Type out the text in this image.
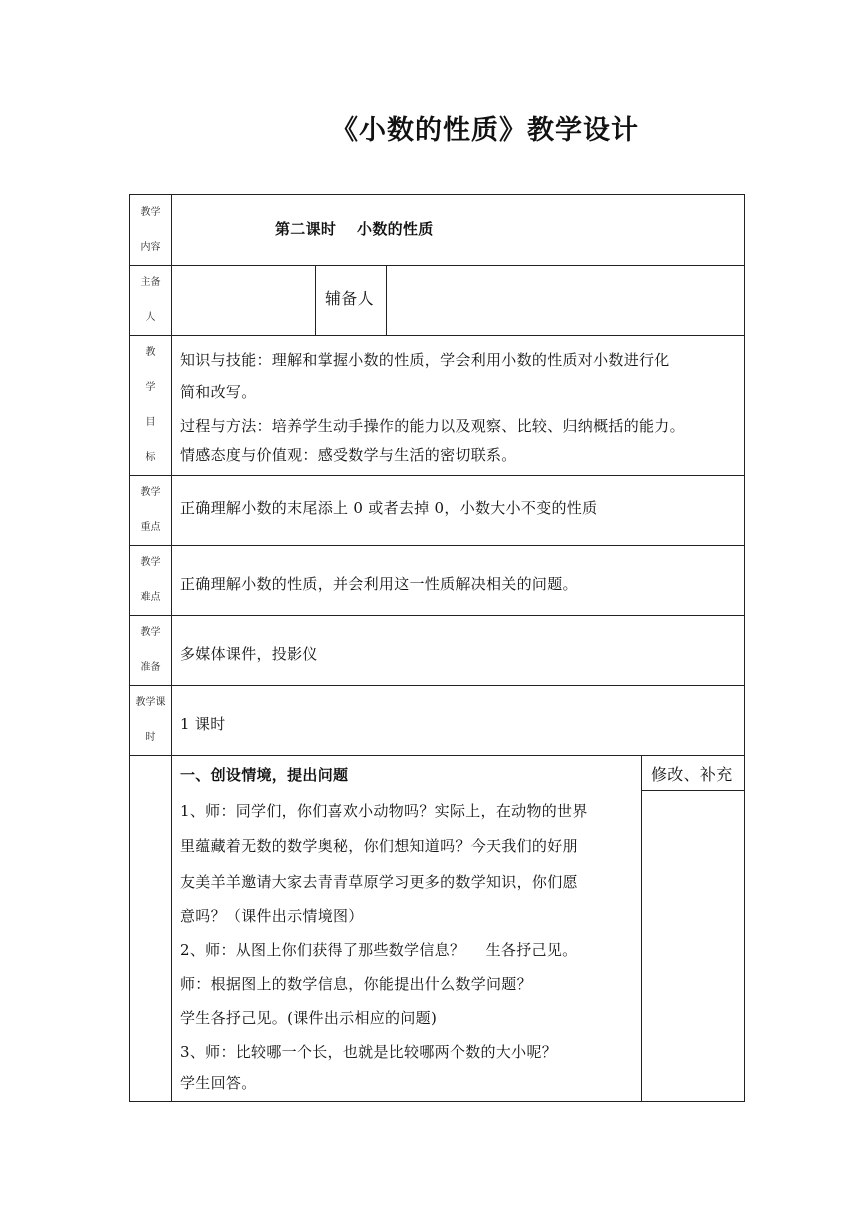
《小数的性质》教学设计
教学
内容
第二课时　 小数的性质
主备
人
辅备人
教
学
目
标
知识与技能：理解和掌握小数的性质，学会利用小数的性质对小数进行化
简和改写。
过程与方法：培养学生动手操作的能力以及观察、比较、归纳概括的能力。
情感态度与价值观：感受数学与生活的密切联系。
教学
重点
正确理解小数的末尾添上 0 或者去掉 0，小数大小不变的性质
教学
难点
正确理解小数的性质，并会利用这一性质解决相关的问题。
教学
准备
多媒体课件，投影仪
教学课
时
1 课时
一、创设情境，提出问题	修改、补充
1、师：同学们，你们喜欢小动物吗？实际上，在动物的世界
里蕴藏着无数的数学奥秘，你们想知道吗？今天我们的好朋
友美羊羊邀请大家去青青草原学习更多的数学知识，你们愿
意吗？（课件出示情境图）
2、师：从图上你们获得了那些数学信息？　 生各抒己见。
师：根据图上的数学信息，你能提出什么数学问题？
学生各抒己见。(课件出示相应的问题)
3、师：比较哪一个长，也就是比较哪两个数的大小呢？
学生回答。
